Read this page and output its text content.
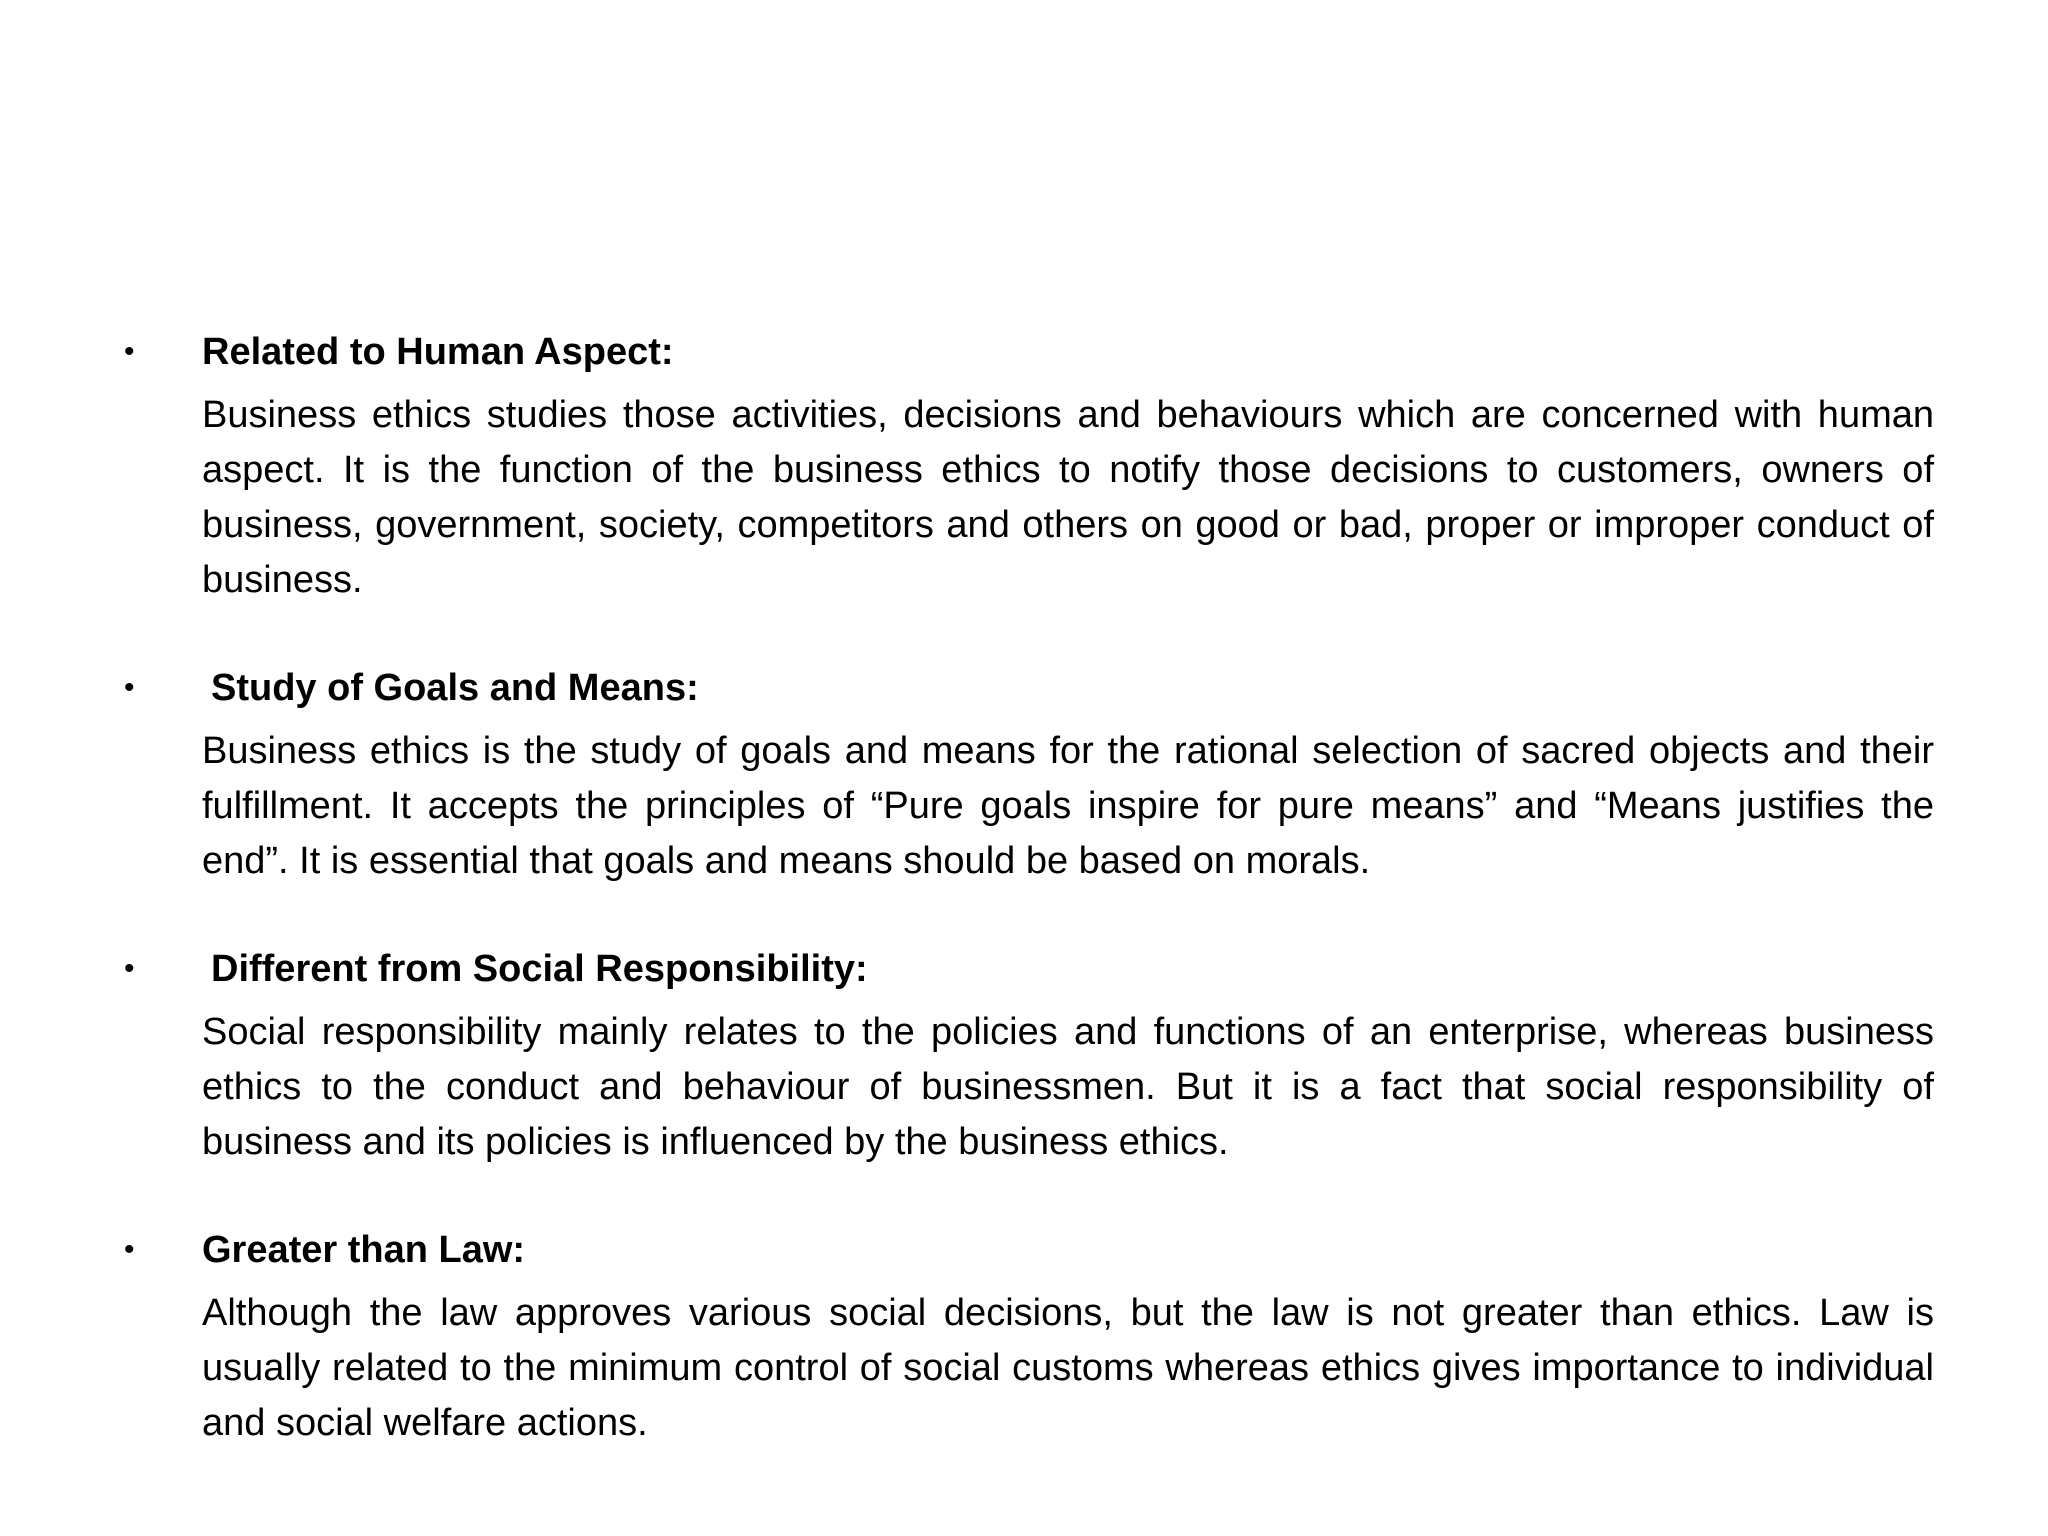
• Related to Human Aspect:
Business ethics studies those activities, decisions and behaviours which are concerned with human aspect. It is the function of the business ethics to notify those decisions to customers, owners of business, government, society, competitors and others on good or bad, proper or improper conduct of business.
• Study of Goals and Means:
Business ethics is the study of goals and means for the rational selection of sacred objects and their fulfillment. It accepts the principles of “Pure goals inspire for pure means” and “Means justifies the end”. It is essential that goals and means should be based on morals.
• Different from Social Responsibility:
Social responsibility mainly relates to the policies and functions of an enterprise, whereas business ethics to the conduct and behaviour of businessmen. But it is a fact that social responsibility of business and its policies is influenced by the business ethics.
• Greater than Law:
Although the law approves various social decisions, but the law is not greater than ethics. Law is usually related to the minimum control of social customs whereas ethics gives importance to individual and social welfare actions.
